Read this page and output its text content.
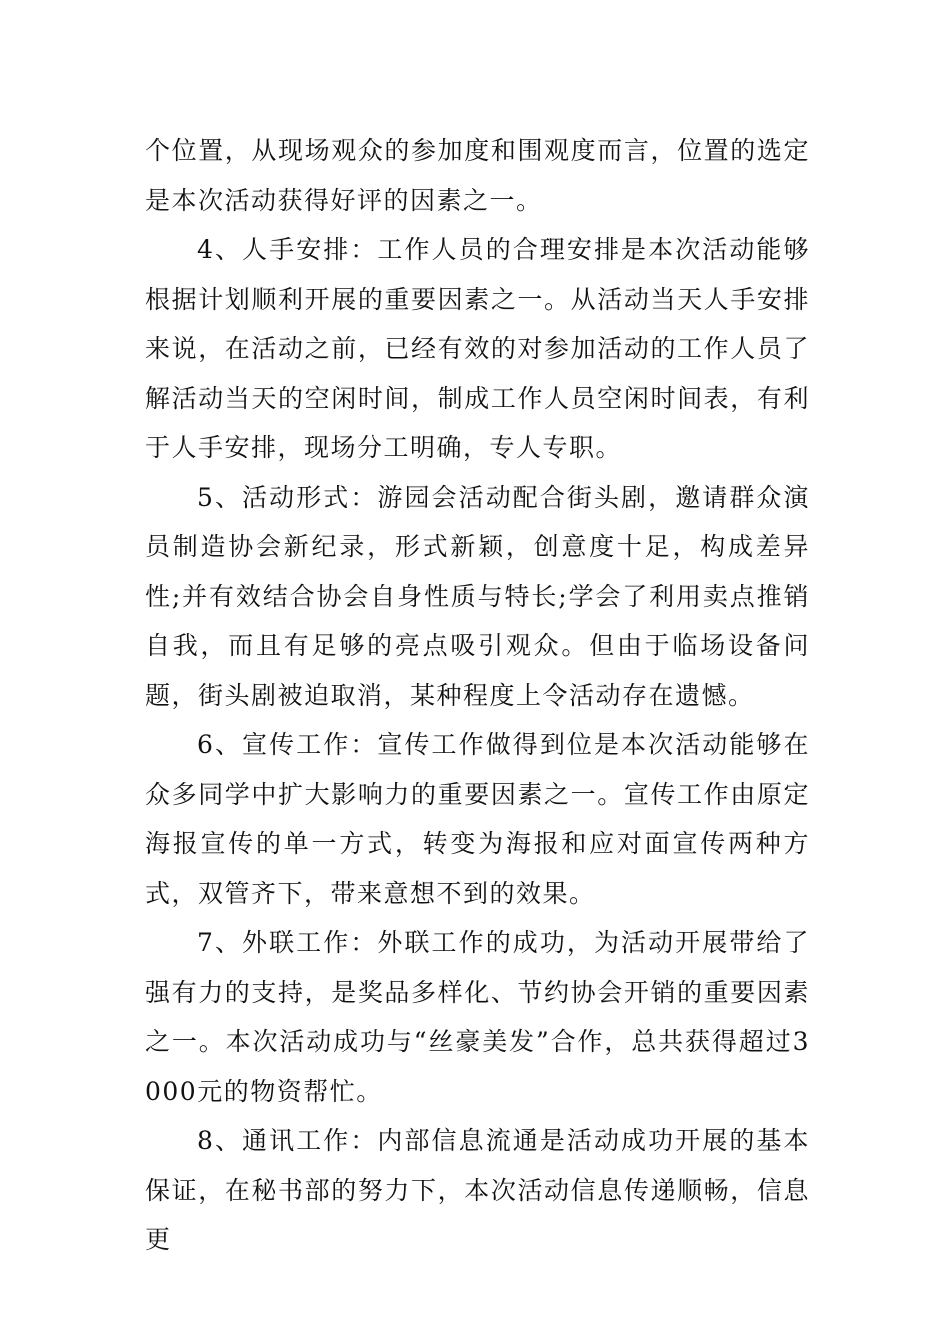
个位置，从现场观众的参加度和围观度而言，位置的选定是本次活动获得好评的因素之一。

4、人手安排：工作人员的合理安排是本次活动能够根据计划顺利开展的重要因素之一。从活动当天人手安排来说，在活动之前，已经有效的对参加活动的工作人员了解活动当天的空闲时间，制成工作人员空闲时间表，有利于人手安排，现场分工明确，专人专职。

5、活动形式：游园会活动配合街头剧，邀请群众演员制造协会新纪录，形式新颖，创意度十足，构成差异性;并有效结合协会自身性质与特长;学会了利用卖点推销自我，而且有足够的亮点吸引观众。但由于临场设备问题，街头剧被迫取消，某种程度上令活动存在遗憾。

6、宣传工作：宣传工作做得到位是本次活动能够在众多同学中扩大影响力的重要因素之一。宣传工作由原定海报宣传的单一方式，转变为海报和应对面宣传两种方式，双管齐下，带来意想不到的效果。

7、外联工作：外联工作的成功，为活动开展带给了强有力的支持，是奖品多样化、节约协会开销的重要因素之一。本次活动成功与“丝豪美发”合作，总共获得超过3000元的物资帮忙。

8、通讯工作：内部信息流通是活动成功开展的基本保证，在秘书部的努力下，本次活动信息传递顺畅，信息更
